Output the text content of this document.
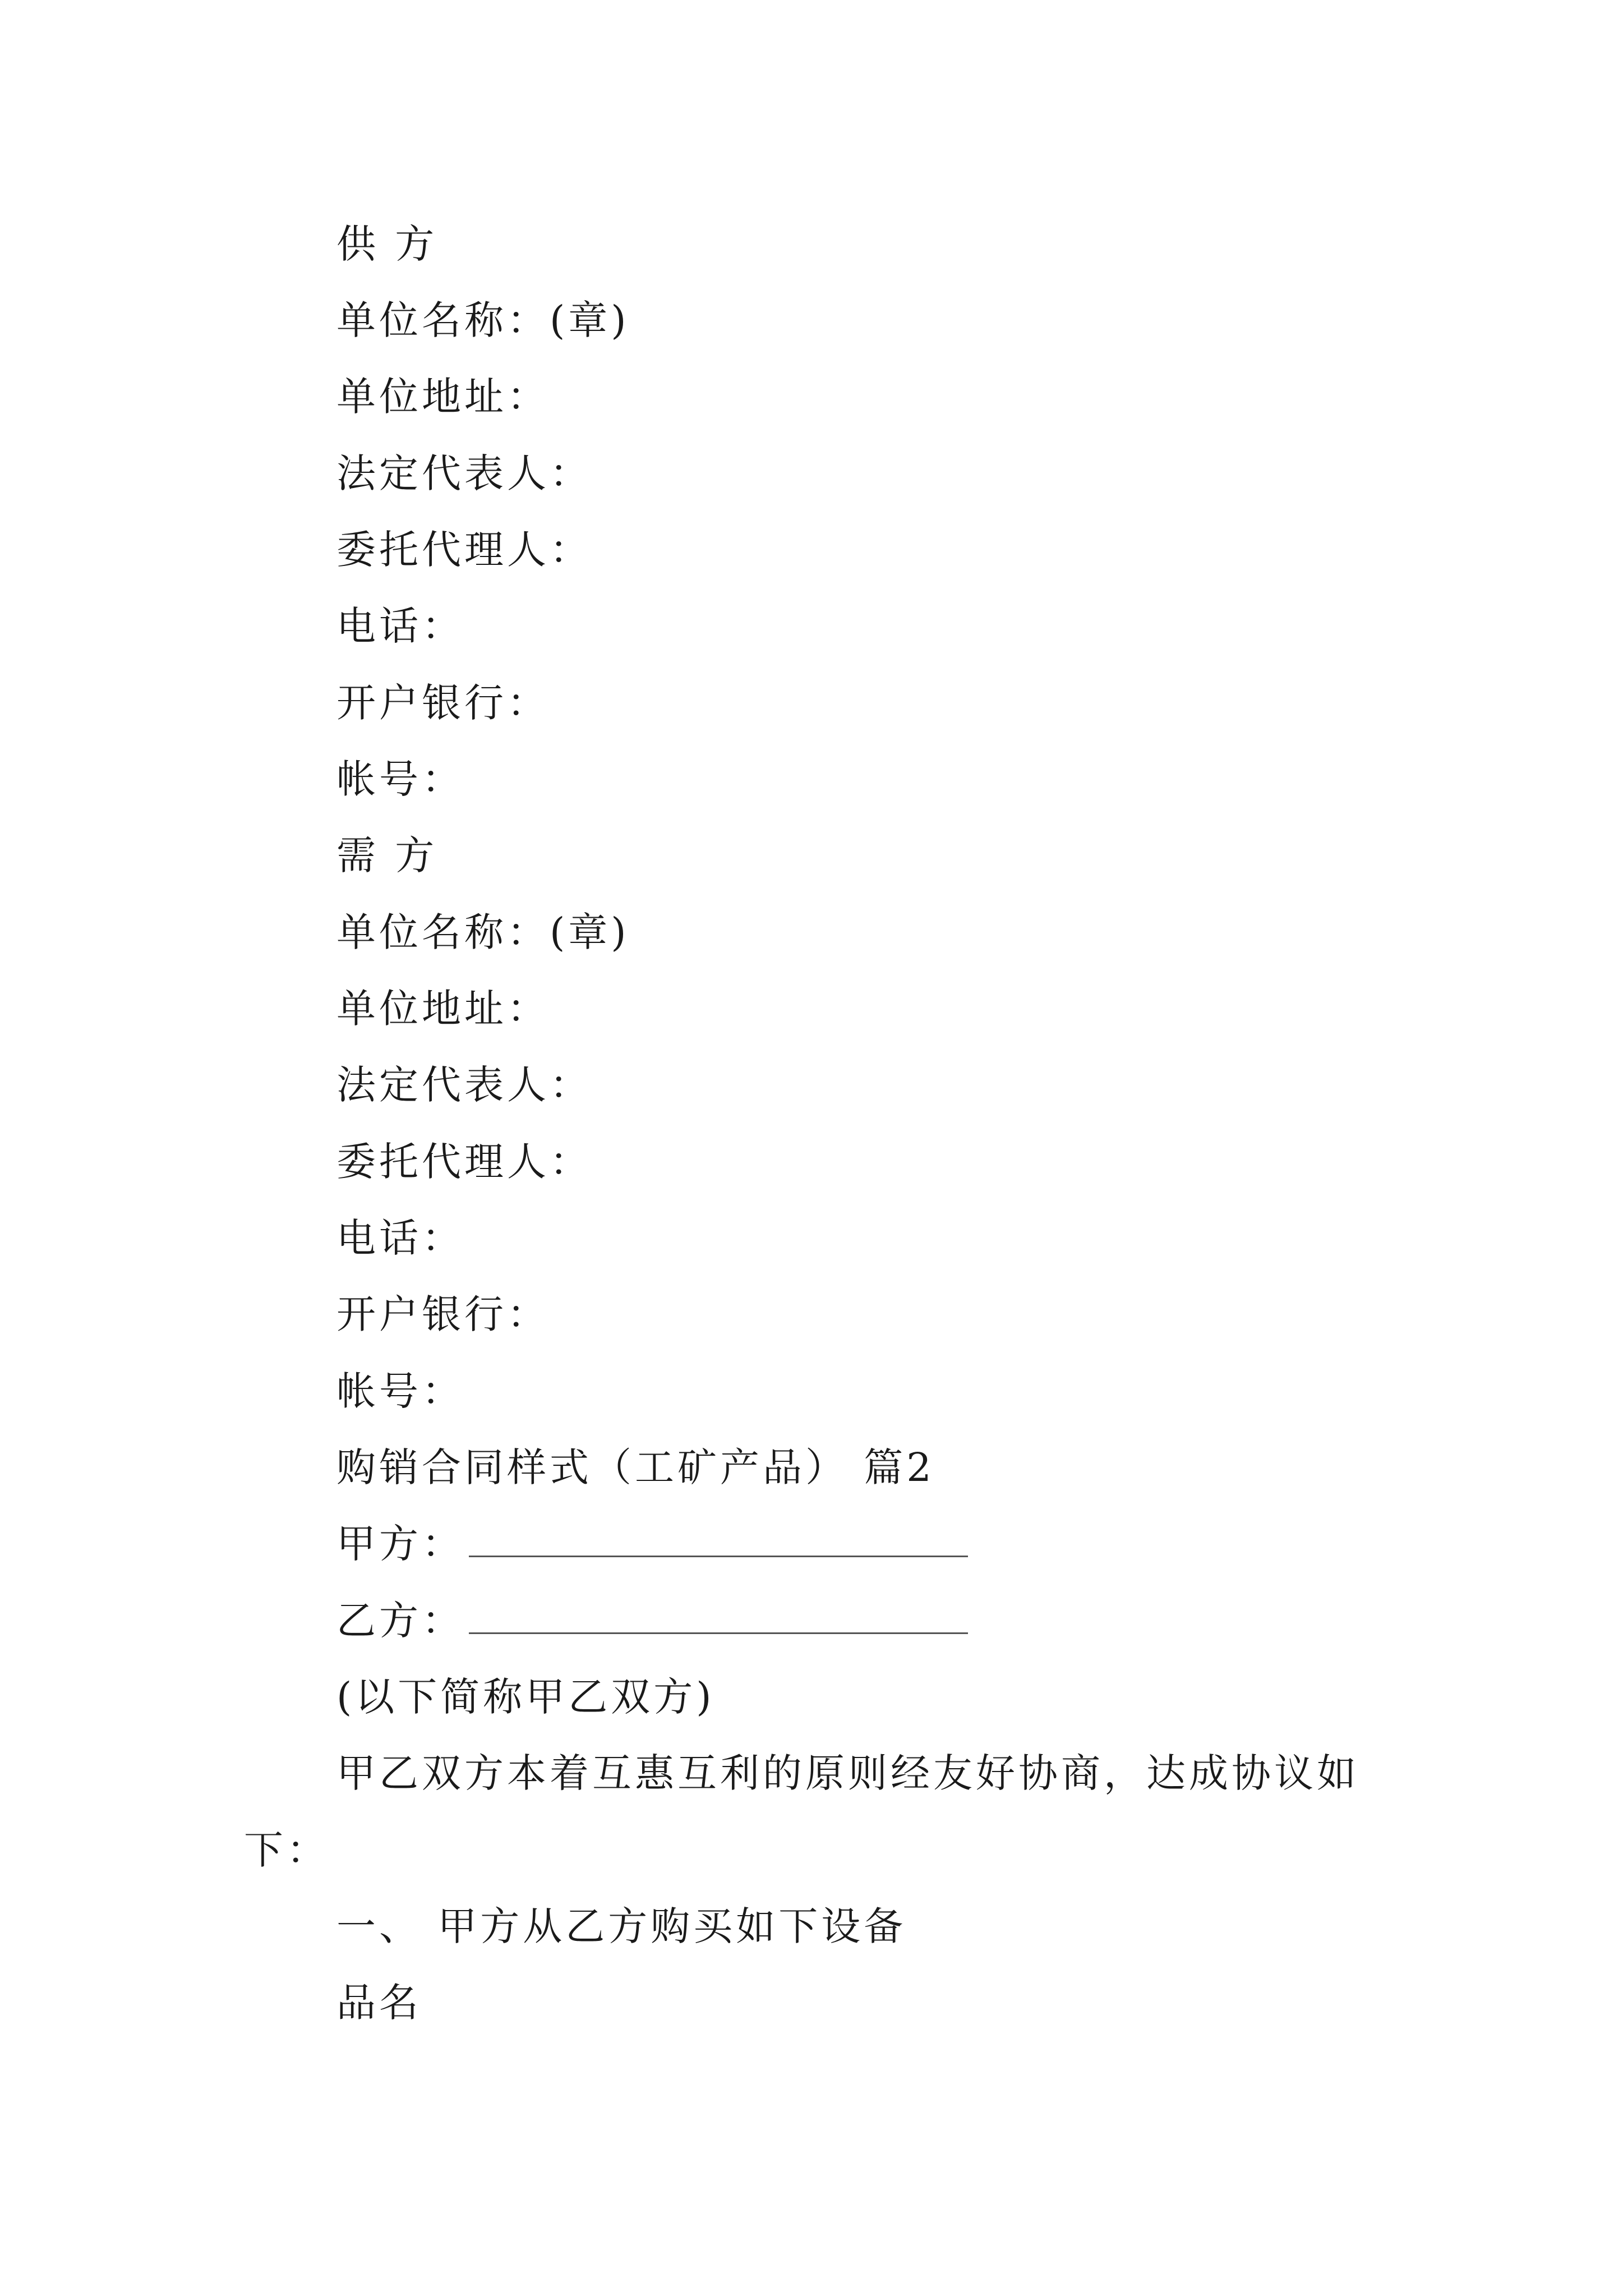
供 方
单位名称：(章)
单位地址：
法定代表人：
委托代理人：
电话：
开户银行：
帐号：
需 方
单位名称：(章)
单位地址：
法定代表人：
委托代理人：
电话：
开户银行：
帐号：
购销合同样式（工矿产品） 篇2
甲方：
乙方：
(以下简称甲乙双方)
甲乙双方本着互惠互利的原则经友好协商，达成协议如
下：
一、 甲方从乙方购买如下设备
品名
